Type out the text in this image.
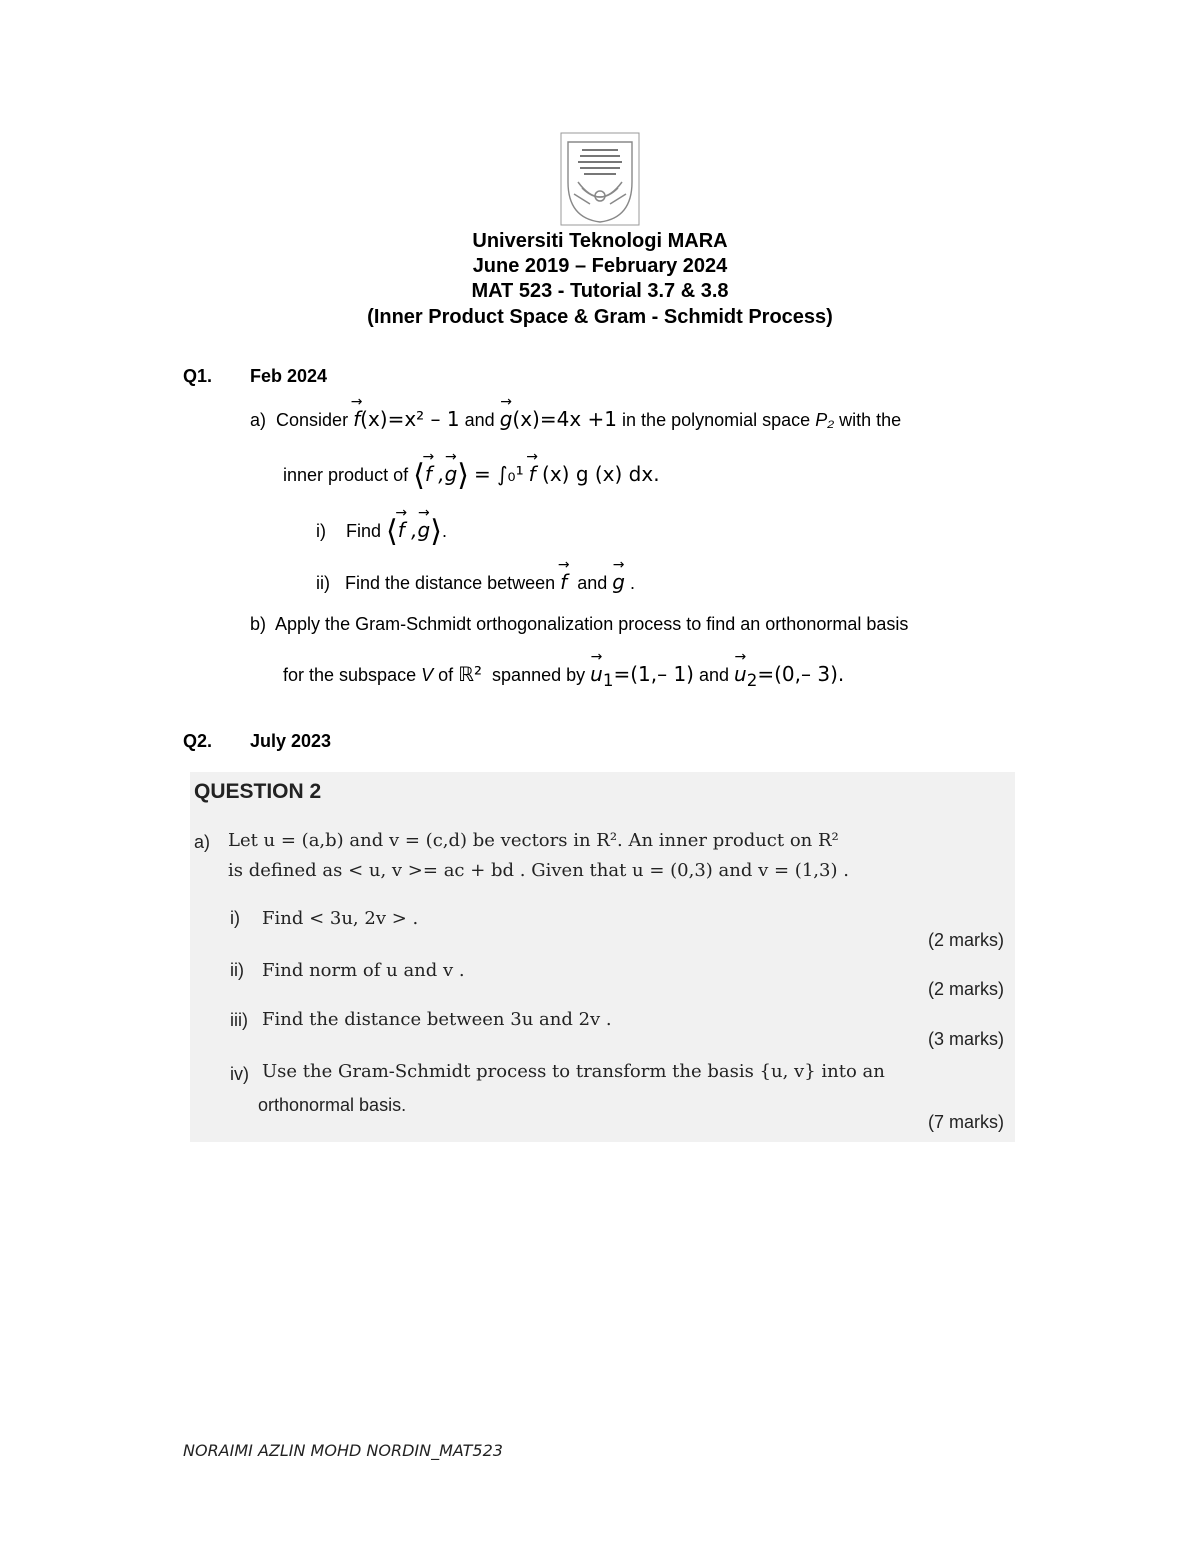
Universiti Teknologi MARA
June 2019 – February 2024
MAT 523 - Tutorial 3.7 & 3.8
(Inner Product Space & Gram - Schmidt Process)
Q1. Feb 2024
a) Consider → f(x)=x² – 1 and → g(x)=4x +1 in the polynomial space P₂ with the
inner product of ⟨→ f ,→ g⟩ = ∫₀¹ → f (x) g (x) dx.
i) Find ⟨→ f ,→ g⟩.
ii) Find the distance between → f and → g .
b) Apply the Gram-Schmidt orthogonalization process to find an orthonormal basis
for the subspace V of ℝ² spanned by → $u_1=(1,-$ 1) and → $u_2=(0,-$ 3).
Q2. July 2023
QUESTION 2
a) Let u = (a,b) and v = (c,d) be vectors in R². An inner product on R²
is defined as < u, v >= ac + bd . Given that u = (0,3) and v = (1,3) .
i) Find < 3u, 2v > .
(2 marks)
ii) Find norm of u and v .
(2 marks)
iii) Find the distance between 3u and 2v .
(3 marks)
iv) Use the Gram-Schmidt process to transform the basis {u, v} into an
orthonormal basis.
(7 marks)
NORAIMI AZLIN MOHD NORDIN_MAT523
